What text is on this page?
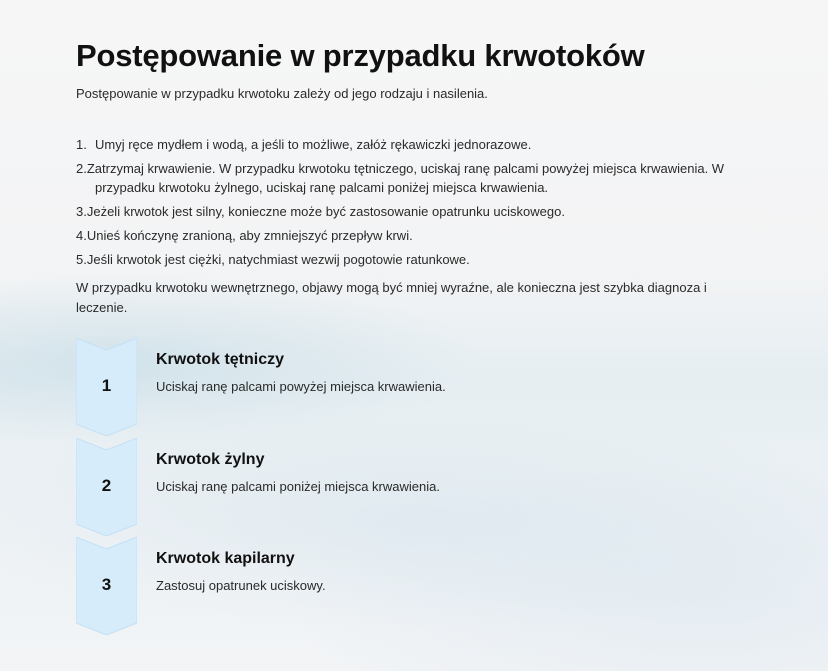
Postępowanie w przypadku krwotoków
Postępowanie w przypadku krwotoku zależy od jego rodzaju i nasilenia.
1. Umyj ręce mydłem i wodą, a jeśli to możliwe, załóż rękawiczki jednorazowe.
2.Zatrzymaj krwawienie. W przypadku krwotoku tętniczego, uciskaj ranę palcami powyżej miejsca krwawienia. W przypadku krwotoku żylnego, uciskaj ranę palcami poniżej miejsca krwawienia.
3.Jeżeli krwotok jest silny, konieczne może być zastosowanie opatrunku uciskowego.
4.Unieś kończynę zranioną, aby zmniejszyć przepływ krwi.
5.Jeśli krwotok jest ciężki, natychmiast wezwij pogotowie ratunkowe.
W przypadku krwotoku wewnętrznego, objawy mogą być mniej wyraźne, ale konieczna jest szybka diagnoza i leczenie.
1
Krwotok tętniczy
Uciskaj ranę palcami powyżej miejsca krwawienia.
2
Krwotok żylny
Uciskaj ranę palcami poniżej miejsca krwawienia.
3
Krwotok kapilarny
Zastosuj opatrunek uciskowy.
